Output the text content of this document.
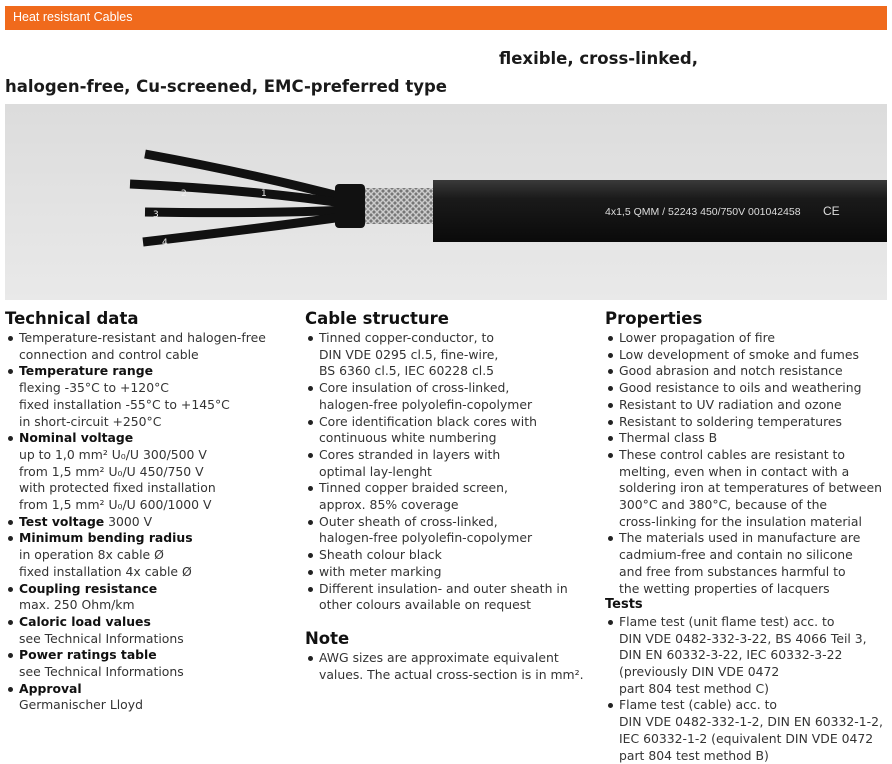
Heat resistant Cables
flexible, cross-linked,
halogen-free, Cu-screened, EMC-preferred type
2	1
3
4
4x1,5 QMM / 52243 450/750V 001042458 CE
Technical data
Temperature-resistant and halogen-free
connection and control cable
Temperature range
flexing -35°C to +120°C
fixed installation -55°C to +145°C
in short-circuit +250°C
Nominal voltage
up to 1,0 mm² U₀/U 300/500 V
from 1,5 mm² U₀/U 450/750 V
with protected fixed installation
from 1,5 mm² U₀/U 600/1000 V
Test voltage 3000 V
Minimum bending radius
in operation 8x cable Ø
fixed installation 4x cable Ø
Coupling resistance
max. 250 Ohm/km
Caloric load values
see Technical Informations
Power ratings table
see Technical Informations
Approval
Germanischer Lloyd
Cable structure
Tinned copper-conductor, to
DIN VDE 0295 cl.5, fine-wire,
BS 6360 cl.5, IEC 60228 cl.5
Core insulation of cross-linked,
halogen-free polyolefin-copolymer
Core identification black cores with
continuous white numbering
Cores stranded in layers with
optimal lay-lenght
Tinned copper braided screen,
approx. 85% coverage
Outer sheath of cross-linked,
halogen-free polyolefin-copolymer
Sheath colour black
with meter marking
Different insulation- and outer sheath in
other colours available on request
Note
AWG sizes are approximate equivalent
values. The actual cross-section is in mm².
Properties
Lower propagation of fire
Low development of smoke and fumes
Good abrasion and notch resistance
Good resistance to oils and weathering
Resistant to UV radiation and ozone
Resistant to soldering temperatures
Thermal class B
These control cables are resistant to
melting, even when in contact with a
soldering iron at temperatures of between
300°C and 380°C, because of the
cross-linking for the insulation material
The materials used in manufacture are
cadmium-free and contain no silicone
and free from substances harmful to
the wetting properties of lacquers
Tests
Flame test (unit flame test) acc. to
DIN VDE 0482-332-3-22, BS 4066 Teil 3,
DIN EN 60332-3-22, IEC 60332-3-22
(previously DIN VDE 0472
part 804 test method C)
Flame test (cable) acc. to
DIN VDE 0482-332-1-2, DIN EN 60332-1-2,
IEC 60332-1-2 (equivalent DIN VDE 0472
part 804 test method B)
